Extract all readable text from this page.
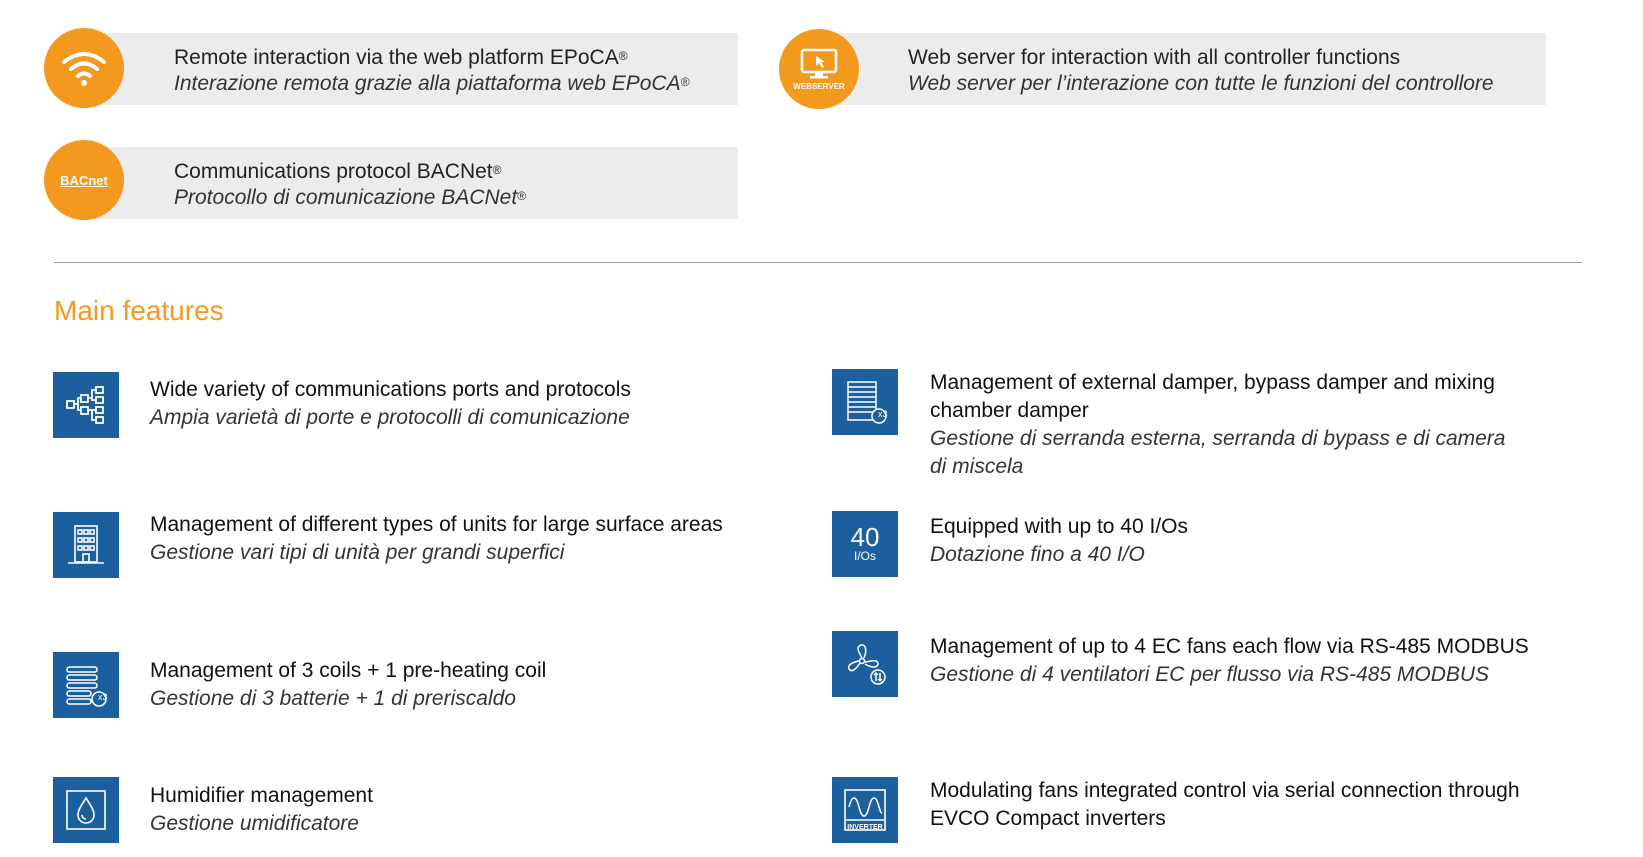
Remote interaction via the web platform EPoCA®
Interazione remota grazie alla piattaforma web EPoCA®
Web server for interaction with all controller functions
Web server per l’interazione con tutte le funzioni del controllore
WEBSERVER
Communications protocol BACNet®
Protocollo di comunicazione BACNet®
BACnet
Main features
Wide variety of communications ports and protocols
Ampia varietà di porte e protocolli di comunicazione
Management of different types of units for large surface areas
Gestione vari tipi di unità per grandi superfici
x3
Management of 3 coils + 1 pre-heating coil
Gestione di 3 batterie + 1 di preriscaldo
Humidifier management
Gestione umidificatore
x3
Management of external damper, bypass damper and mixing chamber damper
Gestione di serranda esterna, serranda di bypass e di camera di miscela
40
I/Os
Equipped with up to 40 I/Os
Dotazione fino a 40 I/O
Management of up to 4 EC fans each flow via RS-485 MODBUS
Gestione di 4 ventilatori EC per flusso via RS-485 MODBUS
INVERTER
Modulating fans integrated control via serial connection through EVCO Compact inverters
